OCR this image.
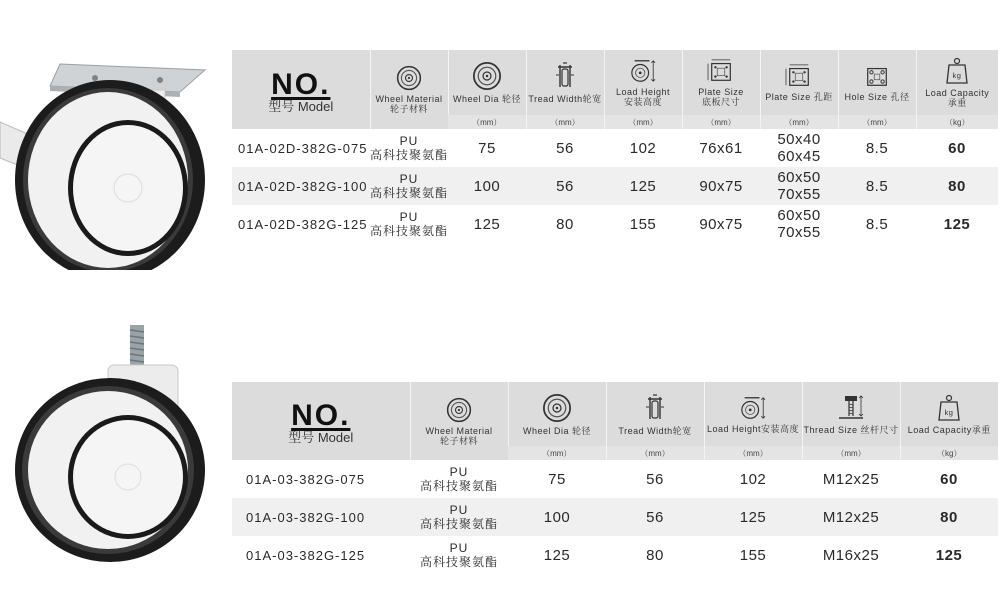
NO.
型号 Model	Wheel Material
轮子材料	Wheel Dia 轮径	Tread Width轮宽	Load Height
安装高度	Plate Size
底板尺寸	Plate Size 孔距	Hole Size 孔径	Load Capacity
承重

		（mm）	（mm）	（mm）	（mm）	（mm）	（mm）	（kg）
01A-02D-382G-075	PU
高科技聚氨酯	75	56	102	76x61	50x40
60x45	8.5	60
01A-02D-382G-100	PU
高科技聚氨酯	100	56	125	90x75	60x50
70x55	8.5	80
01A-02D-382G-125	PU
高科技聚氨酯	125	80	155	90x75	60x50
70x55	8.5	125
NO.
型号 Model	Wheel Material
轮子材料	Wheel Dia 轮径	Tread Width轮宽	Load Height安装高度	Thread Size 丝杆尺寸	Load Capacity承重

		（mm）	（mm）	（mm）	（mm）	（kg）
01A-03-382G-075	PU
高科技聚氨酯	75	56	102	M12x25	60
01A-03-382G-100	PU
高科技聚氨酯	100	56	125	M12x25	80
01A-03-382G-125	PU
高科技聚氨酯	125	80	155	M16x25	125
